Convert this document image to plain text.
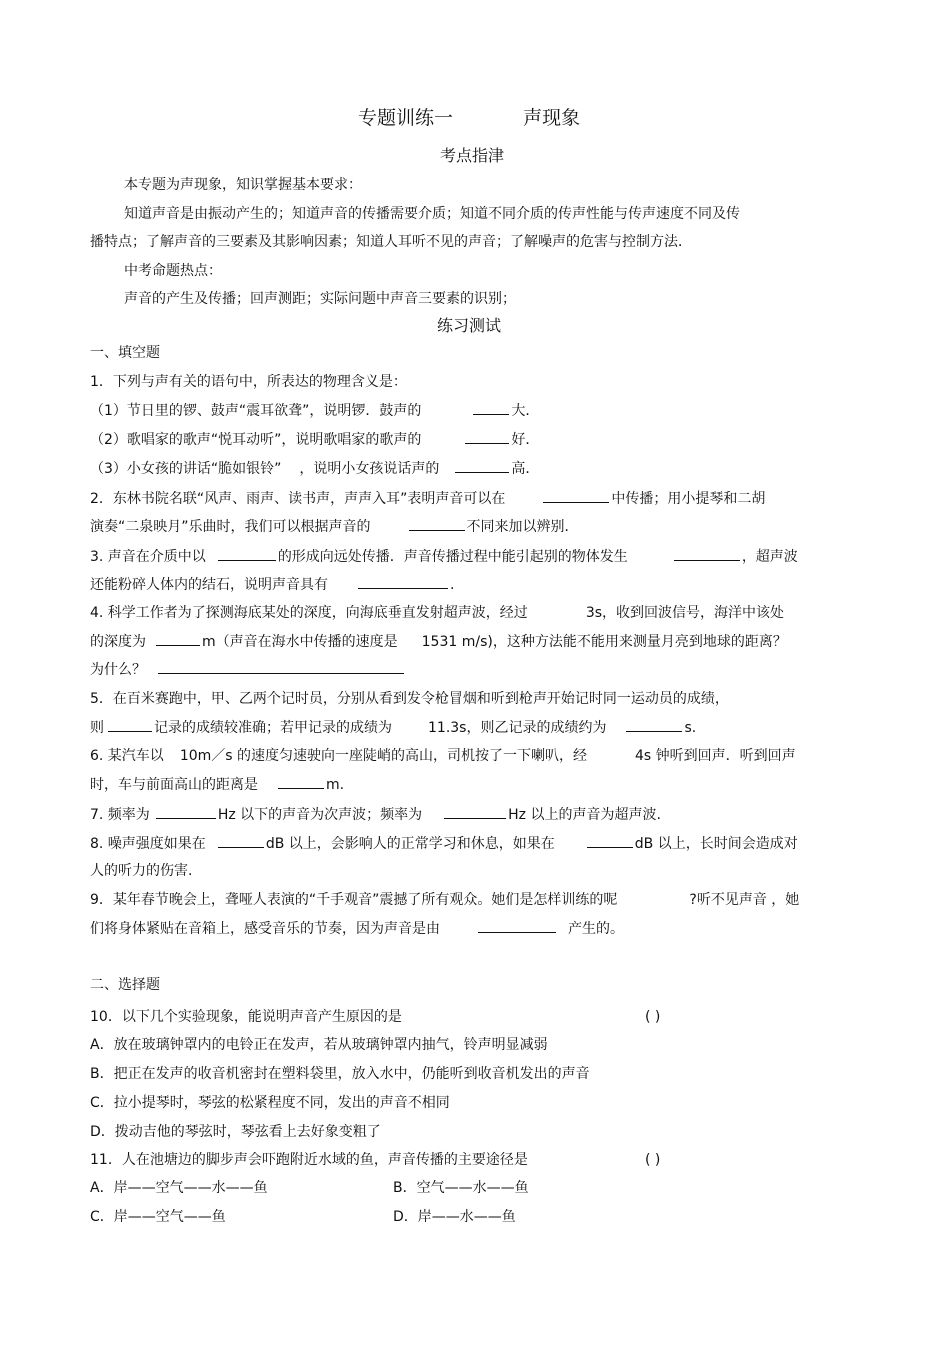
专题训练一	声现象
考点指津
本专题为声现象，知识掌握基本要求：
知道声音是由振动产生的；知道声音的传播需要介质；知道不同介质的传声性能与传声速度不同及传
播特点；了解声音的三要素及其影响因素；知道人耳听不见的声音；了解噪声的危害与控制方法．
中考命题热点：
声音的产生及传播；回声测距；实际问题中声音三要素的识别；
练习测试
一、填空题
1．下列与声有关的语句中，所表达的物理含义是：
（1）节日里的锣、鼓声“震耳欲聋”，说明锣．鼓声的	大．
（2）歌唱家的歌声“悦耳动听”，说明歌唱家的歌声的	好．
（3）小女孩的讲话“脆如银铃” ，说明小女孩说话声的	高．
2．东林书院名联“风声、雨声、读书声，声声入耳”表明声音可以在	中传播；用小提琴和二胡
演奏“二泉映月”乐曲时，我们可以根据声音的	不同来加以辨别．
3. 声音在介质中以	的形成向远处传播．声音传播过程中能引起别的物体发生	，超声波
还能粉碎人体内的结石，说明声音具有	.
4. 科学工作者为了探测海底某处的深度，向海底垂直发射超声波，经过	3s，收到回波信号，海洋中该处
的深度为	m（声音在海水中传播的速度是 1531 m/s)，这种方法能不能用来测量月亮到地球的距离？
为什么？
5．在百米赛跑中，甲、乙两个记时员，分别从看到发令枪冒烟和听到枪声开始记时同一运动员的成绩，
则	记录的成绩较准确；若甲记录的成绩为	11.3s，则乙记录的成绩约为	s.
6. 某汽车以 10m／s 的速度匀速驶向一座陡峭的高山，司机按了一下喇叭，经	4s 钟听到回声．听到回声
时，车与前面高山的距离是	m.
7. 频率为	Hz 以下的声音为次声波；频率为	Hz 以上的声音为超声波.
8. 噪声强度如果在	dB 以上，会影响人的正常学习和休息，如果在	dB 以上，长时间会造成对
人的听力的伤害.
9．某年春节晚会上，聋哑人表演的“千手观音”震撼了所有观众。她们是怎样训练的呢	?听不见声音 ，她
们将身体紧贴在音箱上，感受音乐的节奏，因为声音是由	产生的。
二、选择题
10．以下几个实验现象，能说明声音产生原因的是	( )
A．放在玻璃钟罩内的电铃正在发声，若从玻璃钟罩内抽气，铃声明显减弱
B．把正在发声的收音机密封在塑料袋里，放入水中，仍能听到收音机发出的声音
C．拉小提琴时，琴弦的松紧程度不同，发出的声音不相同
D．拨动吉他的琴弦时，琴弦看上去好象变粗了
11．人在池塘边的脚步声会吓跑附近水域的鱼，声音传播的主要途径是	( )
A．岸——空气——水——鱼	B．空气——水——鱼
C．岸——空气——鱼	D．岸——水——鱼
